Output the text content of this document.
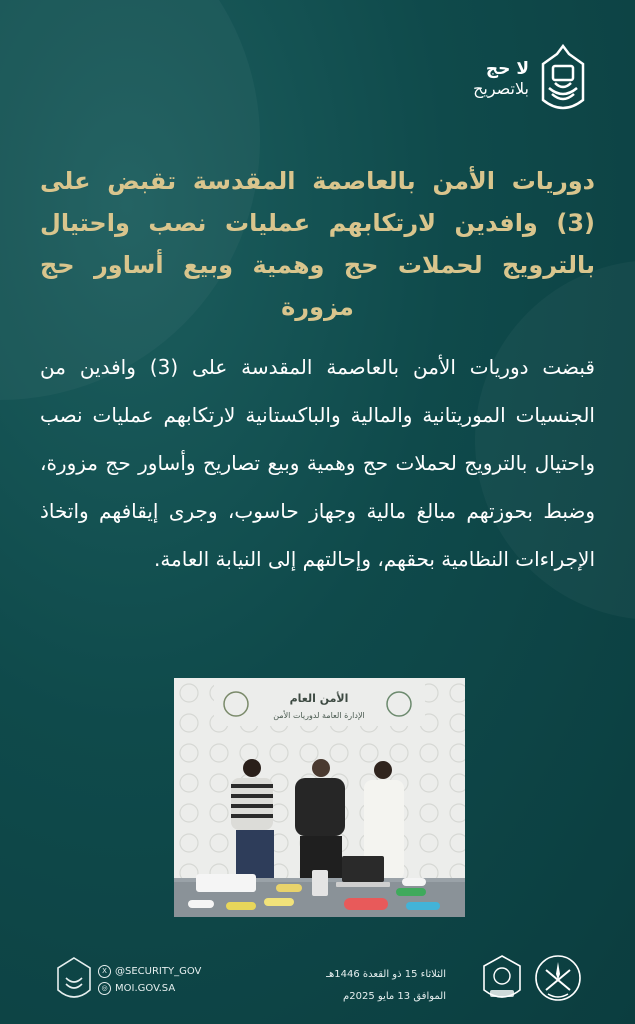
لا حج
بلاتصريح
دوريات الأمن بالعاصمة المقدسة تقبض على (3) وافدين لارتكابهم عمليات نصب واحتيال بالترويج لحملات حج وهمية وبيع أساور حج مزورة
قبضت دوريات الأمن بالعاصمة المقدسة على (3) وافدين من الجنسيات الموريتانية والمالية والباكستانية لارتكابهم عمليات نصب واحتيال بالترويج لحملات حج وهمية وبيع تصاريح وأساور حج مزورة، وضبط بحوزتهم مبالغ مالية وجهاز حاسوب، وجرى إيقافهم واتخاذ الإجراءات النظامية بحقهم، وإحالتهم إلى النيابة العامة.
الأمن العام
الإدارة العامة لدوريات الأمن
X @SECURITY_GOV
◎ MOI.GOV.SA
الثلاثاء 15 ذو القعدة 1446هـ
الموافق 13 مايو 2025م
